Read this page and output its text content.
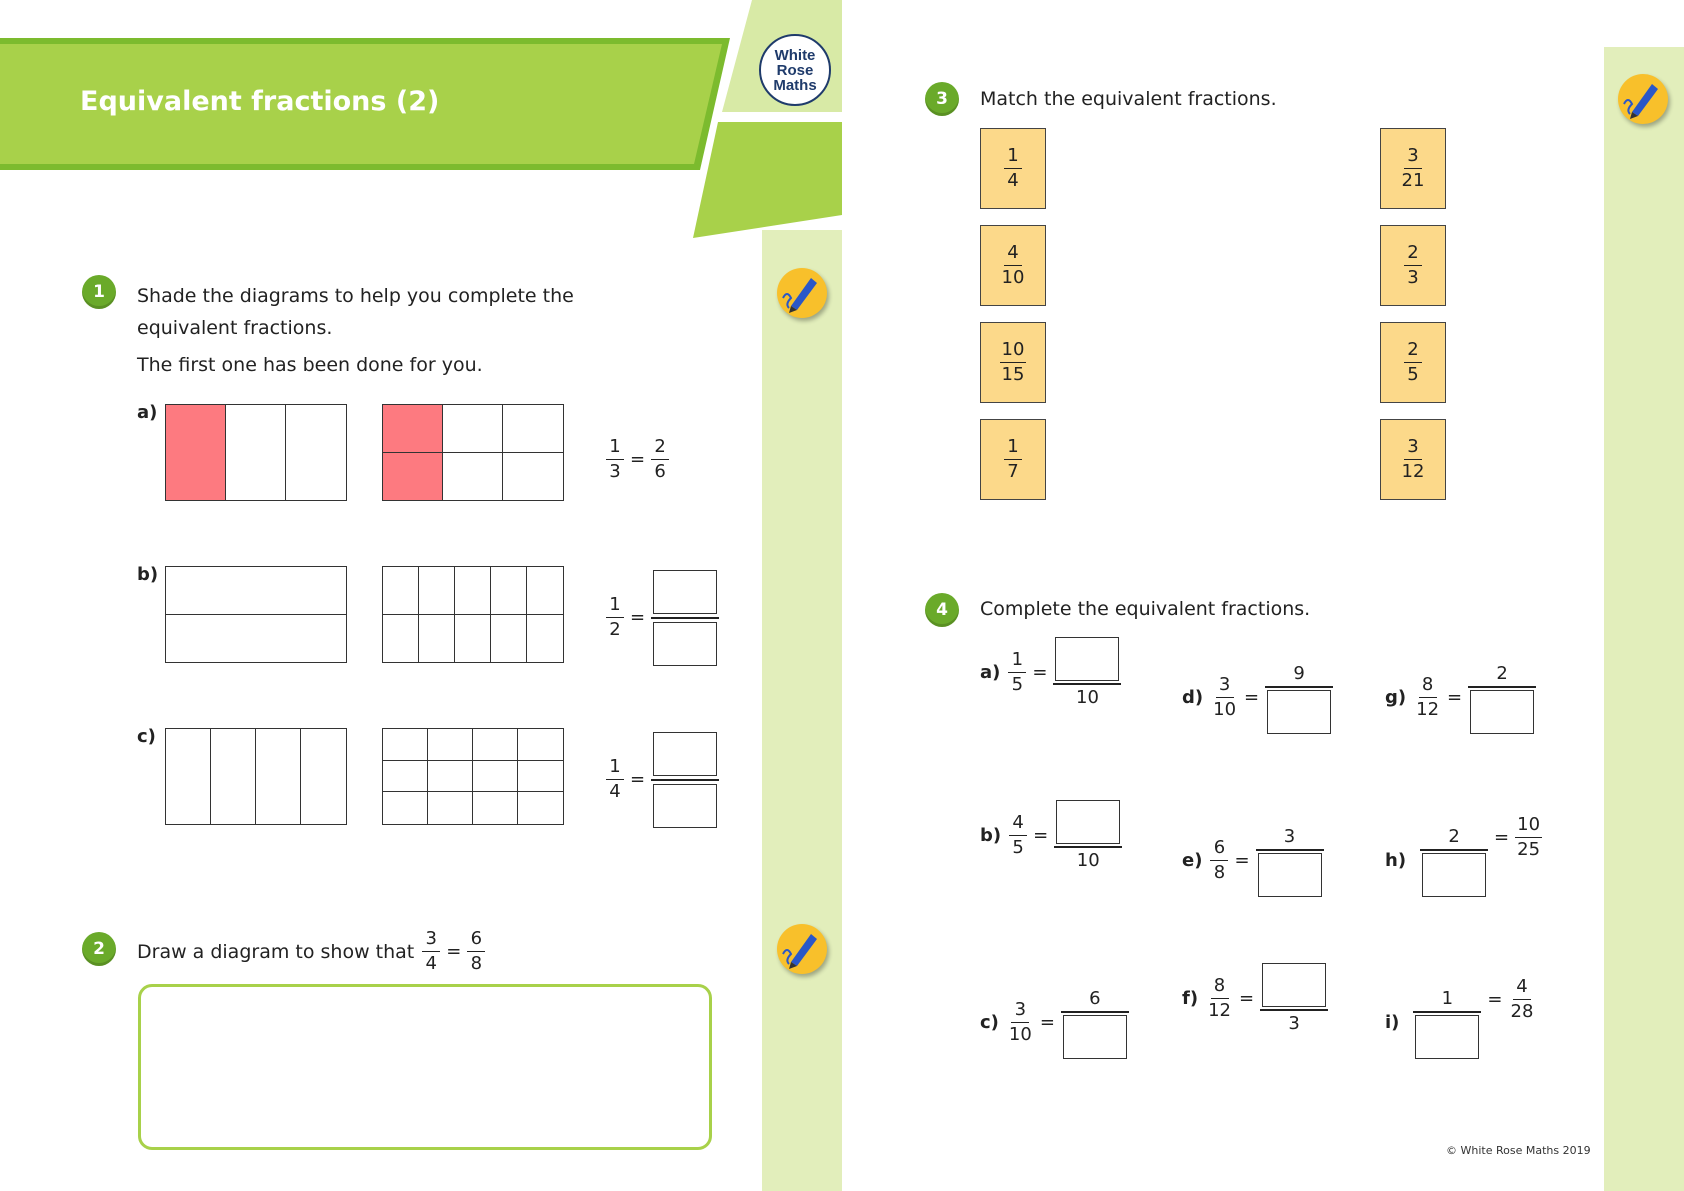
Equivalent fractions (2)
White
Rose
Maths
1	Shade the diagrams to help you complete the
equivalent fractions.
The first one has been done for you.
a)
$\frac{1}{3} = \frac{2}{6}$
b)
$\frac{1}{2}$ =
c)
$\frac{1}{4}$ =
2	Draw a diagram to show that $\frac{3}{4} = \frac{6}{8}$
3	Match the equivalent fractions.
$\frac{1}{4}$
$\frac{4}{10}$
$\frac{10}{15}$
$\frac{1}{7}$
$\frac{3}{21}$
$\frac{2}{3}$
$\frac{2}{5}$
$\frac{3}{12}$
4	Complete the equivalent fractions.
$a) \frac{1}{5}$ =
10
$b) \frac{4}{5}$ =
10
$c) \frac{3}{10}$ =
6
$d) \frac{3}{10}$ =
9
$e) \frac{6}{8}$ =
3
$f) \frac{8}{12}$ =
3
$g) \frac{8}{12}$ =
2
h)
$2 = \frac{10}{25}$
i)
$1 = \frac{4}{28}$
© White Rose Maths 2019
